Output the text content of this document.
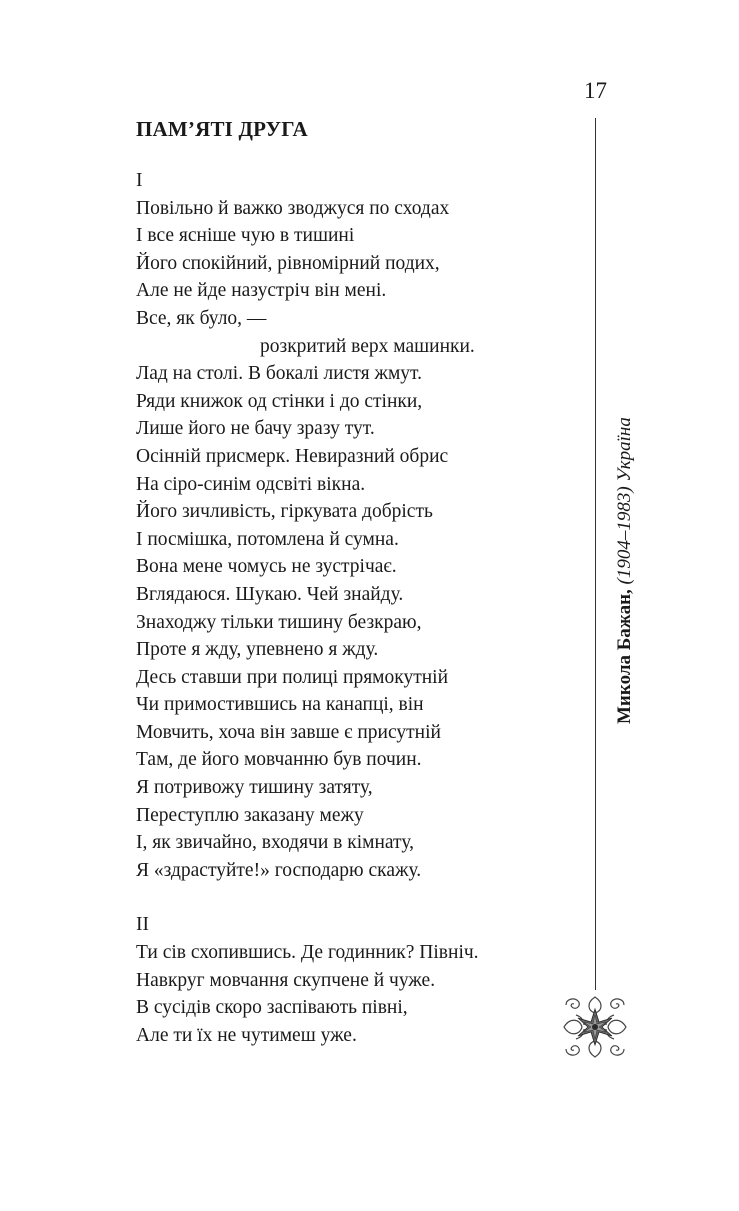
17
ПАМ’ЯТІ ДРУГА
I
Повільно й важко зводжуся по сходах
І все ясніше чую в тишині
Його спокійний, рівномірний подих,
Але не йде назустріч він мені.
Все, як було, —
розкритий верх машинки.
Лад на столі. В бокалі листя жмут.
Ряди книжок од стінки і до стінки,
Лише його не бачу зразу тут.
Осінній присмерк. Невиразний обрис
На сіро-синім одсвіті вікна.
Його зичливість, гіркувата добрість
І посмішка, потомлена й сумна.
Вона мене чомусь не зустрічає.
Вглядаюся. Шукаю. Чей знайду.
Знаходжу тільки тишину безкраю,
Проте я жду, упевнено я жду.
Десь ставши при полиці прямокутній
Чи примостившись на канапці, він
Мовчить, хоча він завше є присутній
Там, де його мовчанню був почин.
Я потривожу тишину затяту,
Переступлю заказану межу
І, як звичайно, входячи в кімнату,
Я «здрастуйте!» господарю скажу.
II
Ти сів схопившись. Де годинник? Північ.
Навкруг мовчання скупчене й чуже.
В сусідів скоро заспівають півні,
Але ти їх не чутимеш уже.
Микола Бажан, (1904–1983) Україна
